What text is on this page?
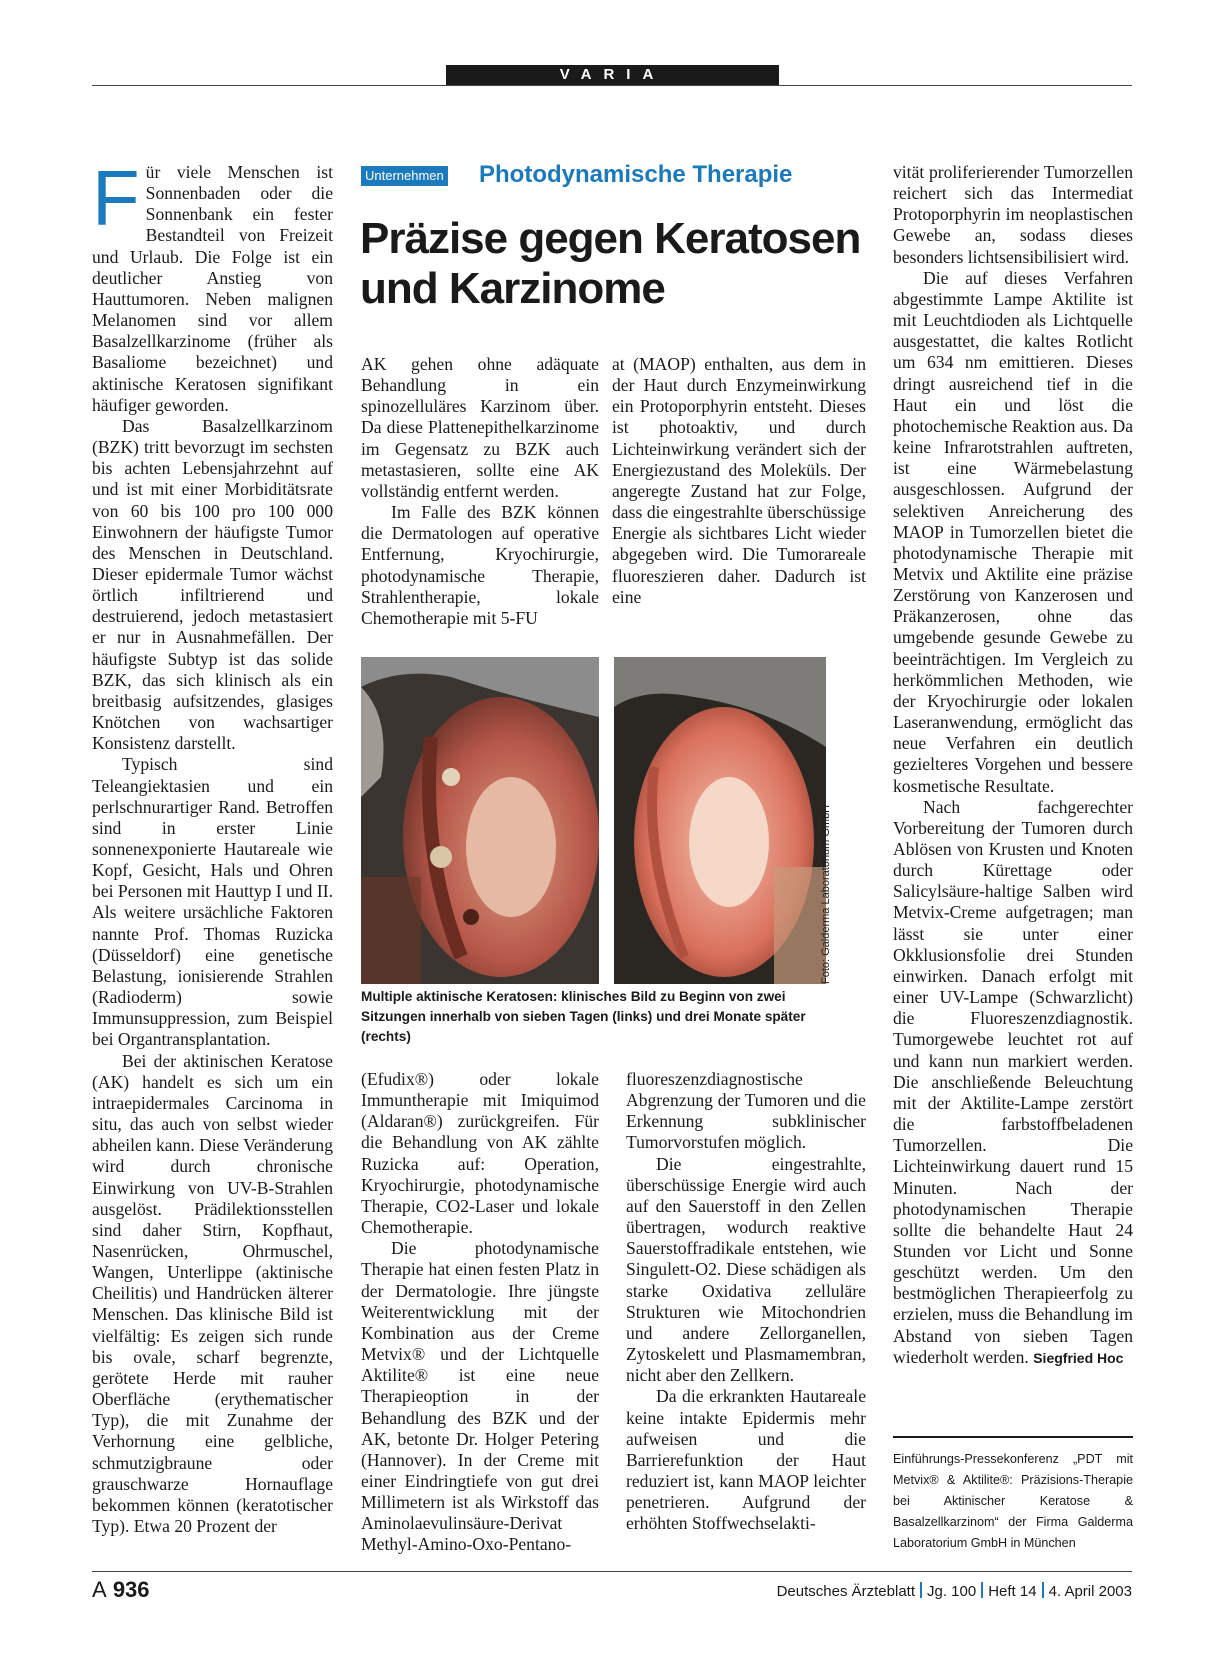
VARIA
F ür viele Menschen ist Sonnenbaden oder die Sonnenbank ein fester Bestandteil von Freizeit und Urlaub. Die Folge ist ein deutlicher Anstieg von Hauttumoren. Neben malignen Melanomen sind vor allem Basalzellkarzinome (früher als Basaliome bezeichnet) und aktinische Keratosen signifikant häufiger geworden.

Das Basalzellkarzinom (BZK) tritt bevorzugt im sechsten bis achten Lebensjahrzehnt auf und ist mit einer Morbiditätsrate von 60 bis 100 pro 100 000 Einwohnern der häufigste Tumor des Menschen in Deutschland. Dieser epidermale Tumor wächst örtlich infiltrierend und destruierend, jedoch metastasiert er nur in Ausnahmefällen. Der häufigste Subtyp ist das solide BZK, das sich klinisch als ein breitbasig aufsitzendes, glasiges Knötchen von wachsartiger Konsistenz darstellt.

Typisch sind Teleangiektasien und ein perlschnurartiger Rand. Betroffen sind in erster Linie sonnenexponierte Hautareale wie Kopf, Gesicht, Hals und Ohren bei Personen mit Hauttyp I und II. Als weitere ursächliche Faktoren nannte Prof. Thomas Ruzicka (Düsseldorf) eine genetische Belastung, ionisierende Strahlen (Radioderm) sowie Immunsuppression, zum Beispiel bei Organtransplantation.

Bei der aktinischen Keratose (AK) handelt es sich um ein intraepidermales Carcinoma in situ, das auch von selbst wieder abheilen kann. Diese Veränderung wird durch chronische Einwirkung von UV-B-Strahlen ausgelöst. Prädilektionsstellen sind daher Stirn, Kopfhaut, Nasenrücken, Ohrmuschel, Wangen, Unterlippe (aktinische Cheilitis) und Handrücken älterer Menschen. Das klinische Bild ist vielfältig: Es zeigen sich runde bis ovale, scharf begrenzte, gerötete Herde mit rauher Oberfläche (erythematischer Typ), die mit Zunahme der Verhornung eine gelbliche, schmutzigbraune oder grauschwarze Hornauflage bekommen können (keratotischer Typ). Etwa 20 Prozent der

Unternehmen Photodynamische Therapie
Präzise gegen Keratosen und Karzinome

AK gehen ohne adäquate Behandlung in ein spinozelluläres Karzinom über. Da diese Plattenepithelkarzinome im Gegensatz zu BZK auch metastasieren, sollte eine AK vollständig entfernt werden.

Im Falle des BZK können die Dermatologen auf operative Entfernung, Kryochirurgie, photodynamische Therapie, Strahlentherapie, lokale Chemotherapie mit 5-FU

at (MAOP) enthalten, aus dem in der Haut durch Enzymeinwirkung ein Protoporphyrin entsteht. Dieses ist photoaktiv, und durch Lichteinwirkung verändert sich der Energiezustand des Moleküls. Der angeregte Zustand hat zur Folge, dass die eingestrahlte überschüssige Energie als sichtbares Licht wieder abgegeben wird. Die Tumorareale fluoreszieren daher. Dadurch ist eine

Foto: Galderma Laboratorium GmbH
Multiple aktinische Keratosen: klinisches Bild zu Beginn von zwei Sitzungen innerhalb von sieben Tagen (links) und drei Monate später (rechts)

(Efudix®) oder lokale Immuntherapie mit Imiquimod (Aldaran®) zurückgreifen. Für die Behandlung von AK zählte Ruzicka auf: Operation, Kryochirurgie, photodynamische Therapie, CO2-Laser und lokale Chemotherapie.

Die photodynamische Therapie hat einen festen Platz in der Dermatologie. Ihre jüngste Weiterentwicklung mit der Kombination aus der Creme Metvix® und der Lichtquelle Aktilite® ist eine neue Therapieoption in der Behandlung des BZK und der AK, betonte Dr. Holger Petering (Hannover). In der Creme mit einer Eindringtiefe von gut drei Millimetern ist als Wirkstoff das Aminolaevulinsäure-Derivat Methyl-Amino-Oxo-Pentano-

fluoreszenzdiagnostische Abgrenzung der Tumoren und die Erkennung subklinischer Tumorvorstufen möglich.

Die eingestrahlte, überschüssige Energie wird auch auf den Sauerstoff in den Zellen übertragen, wodurch reaktive Sauerstoffradikale entstehen, wie Singulett-O2. Diese schädigen als starke Oxidativa zelluläre Strukturen wie Mitochondrien und andere Zellorganellen, Zytoskelett und Plasmamembran, nicht aber den Zellkern.

Da die erkrankten Hautareale keine intakte Epidermis mehr aufweisen und die Barrierefunktion der Haut reduziert ist, kann MAOP leichter penetrieren. Aufgrund der erhöhten Stoffwechselakti-

vität proliferierender Tumorzellen reichert sich das Intermediat Protoporphyrin im neoplastischen Gewebe an, sodass dieses besonders lichtsensibilisiert wird.

Die auf dieses Verfahren abgestimmte Lampe Aktilite ist mit Leuchtdioden als Lichtquelle ausgestattet, die kaltes Rotlicht um 634 nm emittieren. Dieses dringt ausreichend tief in die Haut ein und löst die photochemische Reaktion aus. Da keine Infrarotstrahlen auftreten, ist eine Wärmebelastung ausgeschlossen. Aufgrund der selektiven Anreicherung des MAOP in Tumorzellen bietet die photodynamische Therapie mit Metvix und Aktilite eine präzise Zerstörung von Kanzerosen und Präkanzerosen, ohne das umgebende gesunde Gewebe zu beeinträchtigen. Im Vergleich zu herkömmlichen Methoden, wie der Kryochirurgie oder lokalen Laseranwendung, ermöglicht das neue Verfahren ein deutlich gezielteres Vorgehen und bessere kosmetische Resultate.

Nach fachgerechter Vorbereitung der Tumoren durch Ablösen von Krusten und Knoten durch Kürettage oder Salicylsäure-haltige Salben wird Metvix-Creme aufgetragen; man lässt sie unter einer Okklusionsfolie drei Stunden einwirken. Danach erfolgt mit einer UV-Lampe (Schwarzlicht) die Fluoreszenzdiagnostik. Tumorgewebe leuchtet rot auf und kann nun markiert werden. Die anschließende Beleuchtung mit der Aktilite-Lampe zerstört die farbstoffbeladenen Tumorzellen. Die Lichteinwirkung dauert rund 15 Minuten. Nach der photodynamischen Therapie sollte die behandelte Haut 24 Stunden vor Licht und Sonne geschützt werden. Um den bestmöglichen Therapieerfolg zu erzielen, muss die Behandlung im Abstand von sieben Tagen wiederholt werden. Siegfried Hoc

Einführungs-Pressekonferenz „PDT mit Metvix® & Aktilite®: Präzisions-Therapie bei Aktinischer Keratose & Basalzellkarzinom“ der Firma Galderma Laboratorium GmbH in München
A 936	Deutsches Ärzteblatt Jg. 100 Heft 14 4. April 2003
